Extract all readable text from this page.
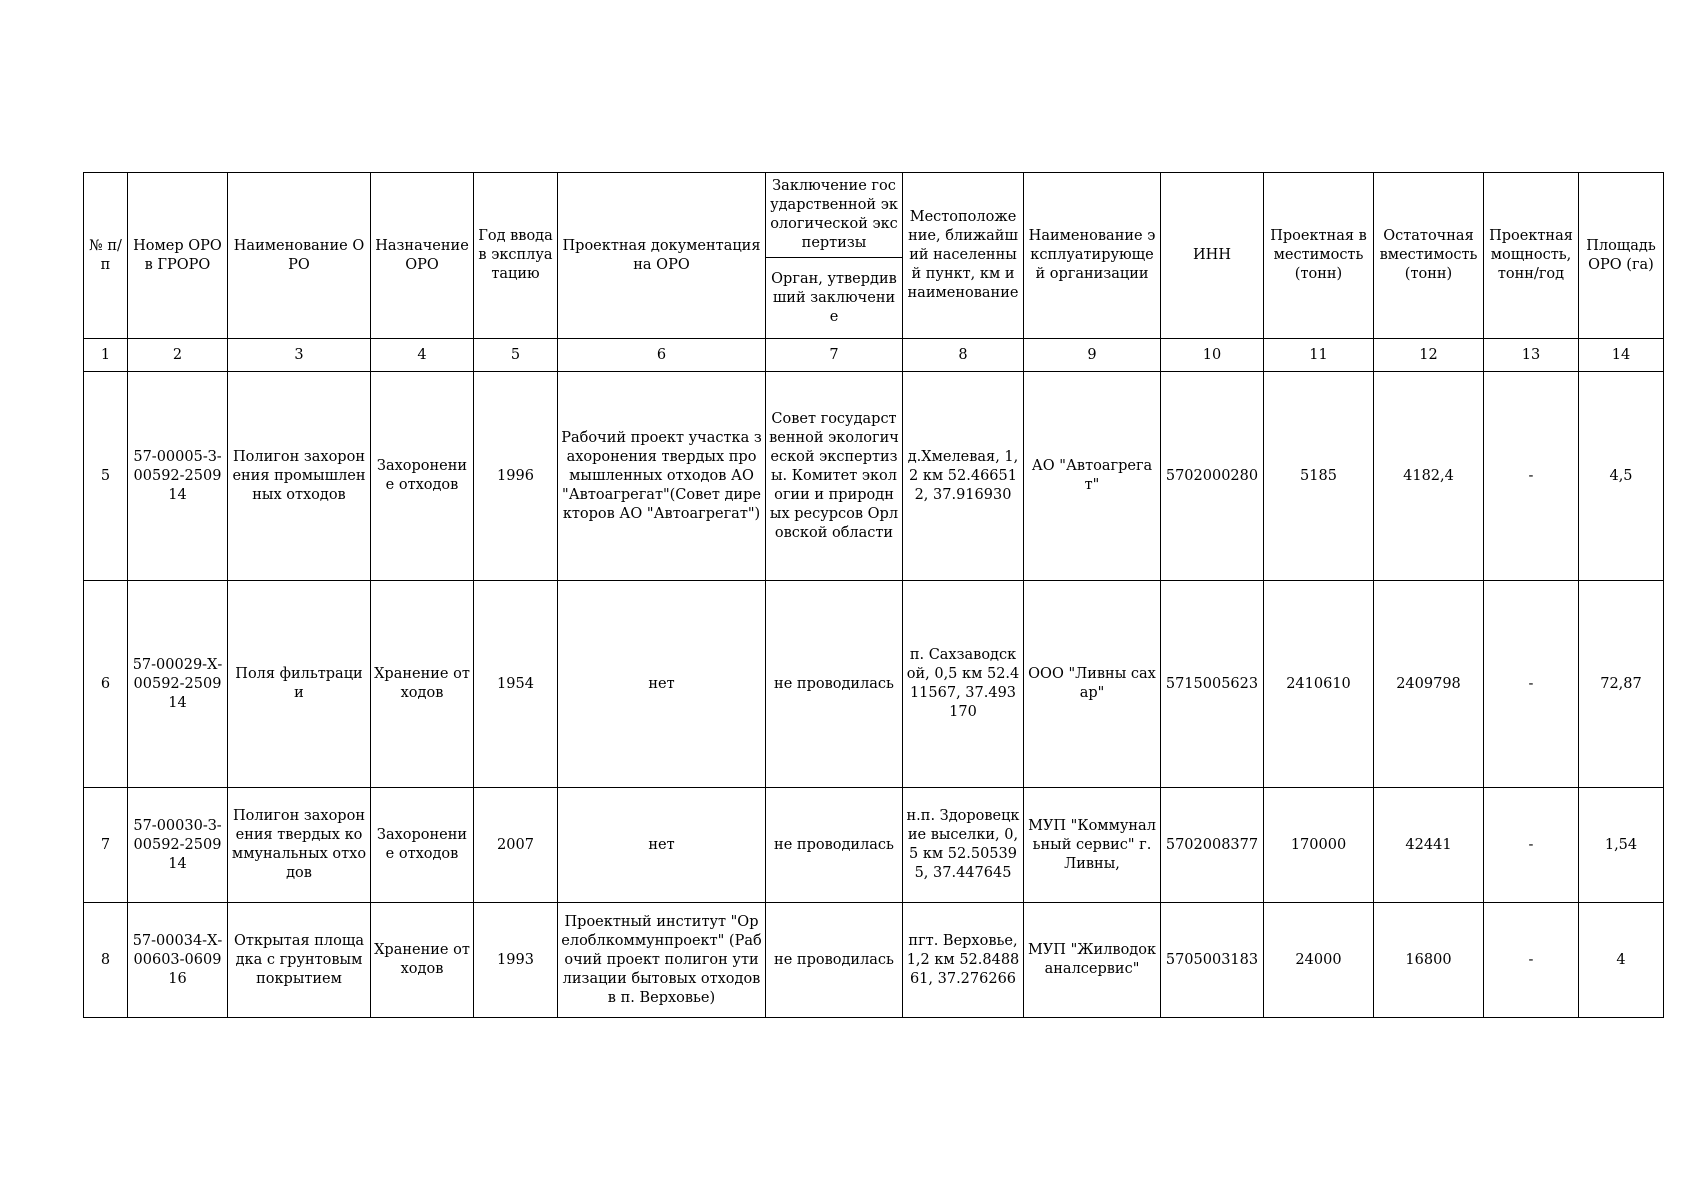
№ п/п	Номер ОРО в ГРОРО	Наименование ОРО	Назначение ОРО	Год ввода в эксплуатацию	Проектная документация на ОРО	Заключение государственной экологической экспертизы	Местоположение, ближайший населенный пункт, км и наименование	Наименование эксплуатирующей организации	ИНН	Проектная вместимость (тонн)	Остаточная вместимость (тонн)	Проектная мощность, тонн/год	Площадь ОРО (га)
						Орган, утвердивший заключение							
1	2	3	4	5	6	7	8	9	10	11	12	13	14
5	57-00005-З-00592-250914	Полигон захоронения промышленных отходов	Захоронение отходов	1996	Рабочий проект участка захоронения твердых промышленных отходов АО "Автоагрегат"(Совет директоров АО "Автоагрегат")	Совет государственной экологической экспертизы. Комитет экологии и природных ресурсов Орловской области	д.Хмелевая, 1,2 км 52.466512, 37.916930	АО "Автоагрегат"	5702000280	5185	4182,4	-	4,5
6	57-00029-Х-00592-250914	Поля фильтрации	Хранение отходов	1954	нет	не проводилась	п. Сахзаводской, 0,5 км 52.411567, 37.493170	ООО "Ливны сахар"	5715005623	2410610	2409798	-	72,87
7	57-00030-З-00592-250914	Полигон захоронения твердых коммунальных отходов	Захоронение отходов	2007	нет	не проводилась	н.п. Здоровецкие выселки, 0,5 км 52.505395, 37.447645	МУП "Коммунальный сервис" г.Ливны,	5702008377	170000	42441	-	1,54
8	57-00034-Х-00603-060916	Открытая площадка с грунтовым покрытием	Хранение отходов	1993	Проектный институт "Орелоблкоммунпроект" (Рабочий проект полигон утилизации бытовых отходов в п. Верховье)	не проводилась	пгт. Верховье, 1,2 км 52.848861, 37.276266	МУП "Жилводоканалсервис"	5705003183	24000	16800	-	4
